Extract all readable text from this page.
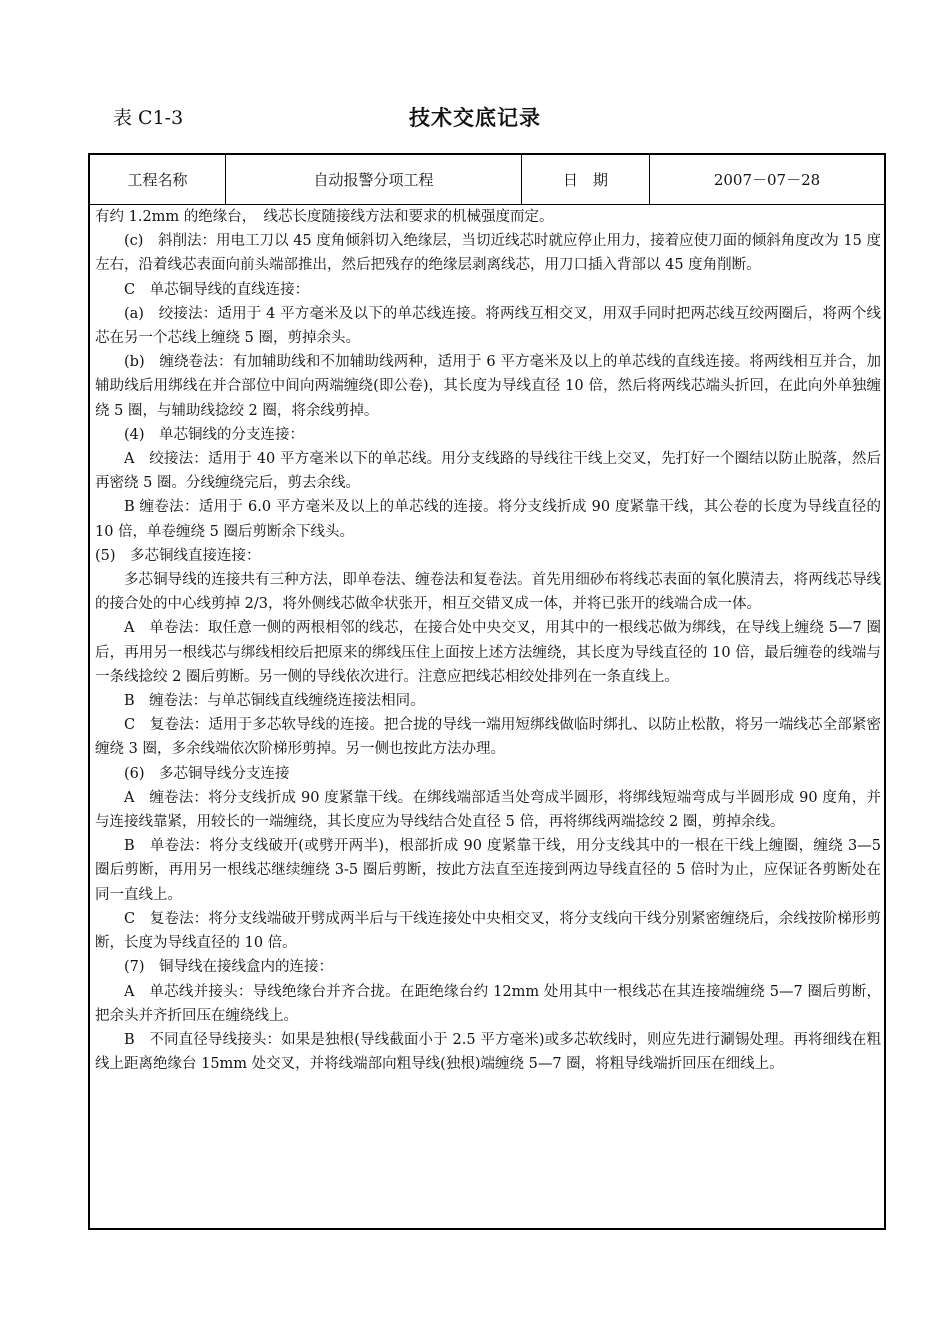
表 C1-3	技术交底记录
工程名称	自动报警分项工程	日　期	2007－07－28

有约 1.2mm 的绝缘台，　线芯长度随接线方法和要求的机械强度而定。

(c)　斜削法：用电工刀以 45 度角倾斜切入绝缘层，当切近线芯时就应停止用力，接着应使刀面的倾斜角度改为 15 度左右，沿着线芯表面向前头端部推出，然后把残存的绝缘层剥离线芯，用刀口插入背部以 45 度角削断。

C　单芯铜导线的直线连接：

(a)　绞接法：适用于 4 平方毫米及以下的单芯线连接。将两线互相交叉，用双手同时把两芯线互绞两圈后，将两个线芯在另一个芯线上缠绕 5 圈，剪掉余头。

(b)　缠绕卷法：有加辅助线和不加辅助线两种，适用于 6 平方毫米及以上的单芯线的直线连接。将两线相互并合，加辅助线后用绑线在并合部位中间向两端缠绕(即公卷)，其长度为导线直径 10 倍，然后将两线芯端头折回，在此向外单独缠绕 5 圈，与辅助线捻绞 2 圈，将余线剪掉。

(4)　单芯铜线的分支连接：

A　绞接法：适用于 40 平方毫米以下的单芯线。用分支线路的导线往干线上交叉，先打好一个圈结以防止脱落，然后再密绕 5 圈。分线缠绕完后，剪去余线。

B 缠卷法：适用于 6.0 平方毫米及以上的单芯线的连接。将分支线折成 90 度紧靠干线，其公卷的长度为导线直径的 10 倍，单卷缠绕 5 圈后剪断余下线头。

(5)　多芯铜线直接连接：

多芯铜导线的连接共有三种方法，即单卷法、缠卷法和复卷法。首先用细砂布将线芯表面的氧化膜清去，将两线芯导线的接合处的中心线剪掉 2/3，将外侧线芯做伞状张开，相互交错叉成一体，并将已张开的线端合成一体。

A　单卷法：取任意一侧的两根相邻的线芯，在接合处中央交叉，用其中的一根线芯做为绑线，在导线上缠绕 5—7 圈后，再用另一根线芯与绑线相绞后把原来的绑线压住上面按上述方法缠绕，其长度为导线直径的 10 倍，最后缠卷的线端与一条线捻绞 2 圈后剪断。另一侧的导线依次进行。注意应把线芯相绞处排列在一条直线上。

B　缠卷法：与单芯铜线直线缠绕连接法相同。

C　复卷法：适用于多芯软导线的连接。把合拢的导线一端用短绑线做临时绑扎、以防止松散，将另一端线芯全部紧密缠绕 3 圈，多余线端依次阶梯形剪掉。另一侧也按此方法办理。

(6)　多芯铜导线分支连接

A　缠卷法：将分支线折成 90 度紧靠干线。在绑线端部适当处弯成半圆形，将绑线短端弯成与半圆形成 90 度角，并与连接线靠紧，用较长的一端缠绕，其长度应为导线结合处直径 5 倍，再将绑线两端捻绞 2 圈，剪掉余线。

B　单卷法：将分支线破开(或劈开两半)，根部折成 90 度紧靠干线，用分支线其中的一根在干线上缠圈，缠绕 3—5 圈后剪断，再用另一根线芯继续缠绕 3-5 圈后剪断，按此方法直至连接到两边导线直径的 5 倍时为止，应保证各剪断处在同一直线上。

C　复卷法：将分支线端破开劈成两半后与干线连接处中央相交叉，将分支线向干线分别紧密缠绕后，余线按阶梯形剪断，长度为导线直径的 10 倍。

(7)　铜导线在接线盒内的连接：

A　单芯线并接头：导线绝缘台并齐合拢。在距绝缘台约 12mm 处用其中一根线芯在其连接端缠绕 5—7 圈后剪断，把余头并齐折回压在缠绕线上。

B　不同直径导线接头：如果是独根(导线截面小于 2.5 平方毫米)或多芯软线时，则应先进行涮锡处理。再将细线在粗线上距离绝缘台 15mm 处交叉，并将线端部向粗导线(独根)端缠绕 5—7 圈，将粗导线端折回压在细线上。
